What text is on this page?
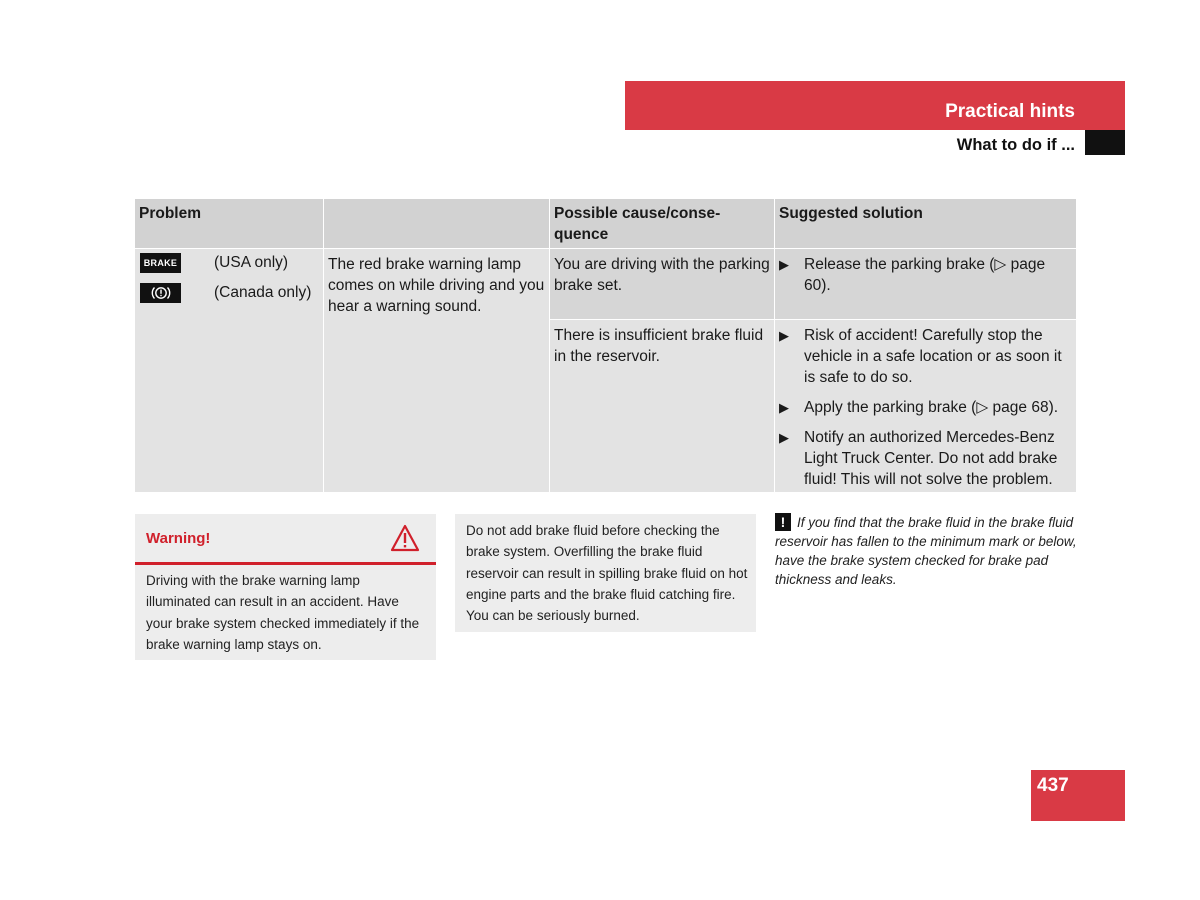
Practical hints
What to do if ...
Problem	Possible cause/conse-
quence
Suggested solution
BRAKE (USA only)
(Canada only)
The red brake warning lamp comes on while driving and you hear a warning sound.
You are driving with the parking brake set.
▶ Release the parking brake (▷ page 60).
There is insufficient brake fluid in the reservoir.
▶ Risk of accident! Carefully stop the vehicle in a safe location or as soon it is safe to do so.
▶ Apply the parking brake (▷ page 68).
▶ Notify an authorized Mercedes-Benz Light Truck Center. Do not add brake fluid! This will not solve the problem.
Warning!
Driving with the brake warning lamp illuminated can result in an accident. Have your brake system checked immediately if the brake warning lamp stays on.
Do not add brake fluid before checking the brake system. Overfilling the brake fluid reservoir can result in spilling brake fluid on hot engine parts and the brake fluid catching fire. You can be seriously burned.
! If you find that the brake fluid in the brake fluid reservoir has fallen to the minimum mark or below, have the brake system checked for brake pad thickness and leaks.
437
